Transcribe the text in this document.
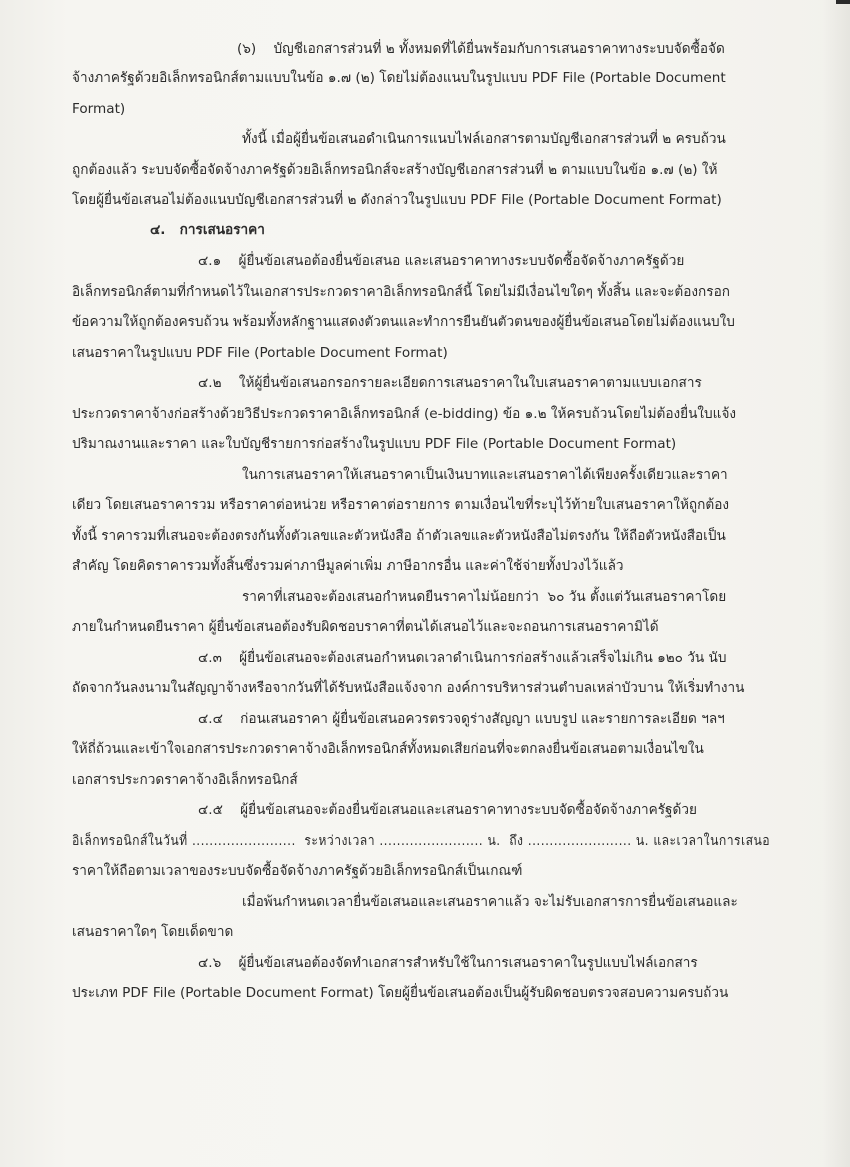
(๖)    บัญชีเอกสารส่วนที่ ๒ ทั้งหมดที่ได้ยื่นพร้อมกับการเสนอราคาทางระบบจัดซื้อจัด
จ้างภาครัฐด้วยอิเล็กทรอนิกส์ตามแบบในข้อ ๑.๗ (๒) โดยไม่ต้องแนบในรูปแบบ PDF File (Portable Document
Format)
ทั้งนี้ เมื่อผู้ยื่นข้อเสนอดำเนินการแนบไฟล์เอกสารตามบัญชีเอกสารส่วนที่ ๒ ครบถ้วน
ถูกต้องแล้ว ระบบจัดซื้อจัดจ้างภาครัฐด้วยอิเล็กทรอนิกส์จะสร้างบัญชีเอกสารส่วนที่ ๒ ตามแบบในข้อ ๑.๗ (๒) ให้
โดยผู้ยื่นข้อเสนอไม่ต้องแนบบัญชีเอกสารส่วนที่ ๒ ดังกล่าวในรูปแบบ PDF File (Portable Document Format)
๔.   การเสนอราคา
๔.๑    ผู้ยื่นข้อเสนอต้องยื่นข้อเสนอ และเสนอราคาทางระบบจัดซื้อจัดจ้างภาครัฐด้วย
อิเล็กทรอนิกส์ตามที่กำหนดไว้ในเอกสารประกวดราคาอิเล็กทรอนิกส์นี้ โดยไม่มีเงื่อนไขใดๆ ทั้งสิ้น และจะต้องกรอก
ข้อความให้ถูกต้องครบถ้วน พร้อมทั้งหลักฐานแสดงตัวตนและทำการยืนยันตัวตนของผู้ยื่นข้อเสนอโดยไม่ต้องแนบใบ
เสนอราคาในรูปแบบ PDF File (Portable Document Format)
๔.๒    ให้ผู้ยื่นข้อเสนอกรอกรายละเอียดการเสนอราคาในใบเสนอราคาตามแบบเอกสาร
ประกวดราคาจ้างก่อสร้างด้วยวิธีประกวดราคาอิเล็กทรอนิกส์ (e-bidding) ข้อ ๑.๒ ให้ครบถ้วนโดยไม่ต้องยื่นใบแจ้ง
ปริมาณงานและราคา และใบบัญชีรายการก่อสร้างในรูปแบบ PDF File (Portable Document Format)
ในการเสนอราคาให้เสนอราคาเป็นเงินบาทและเสนอราคาได้เพียงครั้งเดียวและราคา
เดียว โดยเสนอราคารวม หรือราคาต่อหน่วย หรือราคาต่อรายการ ตามเงื่อนไขที่ระบุไว้ท้ายใบเสนอราคาให้ถูกต้อง
ทั้งนี้ ราคารวมที่เสนอจะต้องตรงกันทั้งตัวเลขและตัวหนังสือ ถ้าตัวเลขและตัวหนังสือไม่ตรงกัน ให้ถือตัวหนังสือเป็น
สำคัญ โดยคิดราคารวมทั้งสิ้นซึ่งรวมค่าภาษีมูลค่าเพิ่ม ภาษีอากรอื่น และค่าใช้จ่ายทั้งปวงไว้แล้ว
ราคาที่เสนอจะต้องเสนอกำหนดยืนราคาไม่น้อยกว่า  ๖๐ วัน ตั้งแต่วันเสนอราคาโดย
ภายในกำหนดยืนราคา ผู้ยื่นข้อเสนอต้องรับผิดชอบราคาที่ตนได้เสนอไว้และจะถอนการเสนอราคามิได้
๔.๓    ผู้ยื่นข้อเสนอจะต้องเสนอกำหนดเวลาดำเนินการก่อสร้างแล้วเสร็จไม่เกิน ๑๒๐ วัน นับ
ถัดจากวันลงนามในสัญญาจ้างหรือจากวันที่ได้รับหนังสือแจ้งจาก องค์การบริหารส่วนตำบลเหล่าบัวบาน ให้เริ่มทำงาน
๔.๔    ก่อนเสนอราคา ผู้ยื่นข้อเสนอควรตรวจดูร่างสัญญา แบบรูป และรายการละเอียด ฯลฯ
ให้ถี่ถ้วนและเข้าใจเอกสารประกวดราคาจ้างอิเล็กทรอนิกส์ทั้งหมดเสียก่อนที่จะตกลงยื่นข้อเสนอตามเงื่อนไขใน
เอกสารประกวดราคาจ้างอิเล็กทรอนิกส์
๔.๕    ผู้ยื่นข้อเสนอจะต้องยื่นข้อเสนอและเสนอราคาทางระบบจัดซื้อจัดจ้างภาครัฐด้วย
อิเล็กทรอนิกส์ในวันที่ ........................  ระหว่างเวลา ........................ น.  ถึง ........................ น. และเวลาในการเสนอ
ราคาให้ถือตามเวลาของระบบจัดซื้อจัดจ้างภาครัฐด้วยอิเล็กทรอนิกส์เป็นเกณฑ์
เมื่อพ้นกำหนดเวลายื่นข้อเสนอและเสนอราคาแล้ว จะไม่รับเอกสารการยื่นข้อเสนอและ
เสนอราคาใดๆ โดยเด็ดขาด
๔.๖    ผู้ยื่นข้อเสนอต้องจัดทำเอกสารสำหรับใช้ในการเสนอราคาในรูปแบบไฟล์เอกสาร
ประเภท PDF File (Portable Document Format) โดยผู้ยื่นข้อเสนอต้องเป็นผู้รับผิดชอบตรวจสอบความครบถ้วน
